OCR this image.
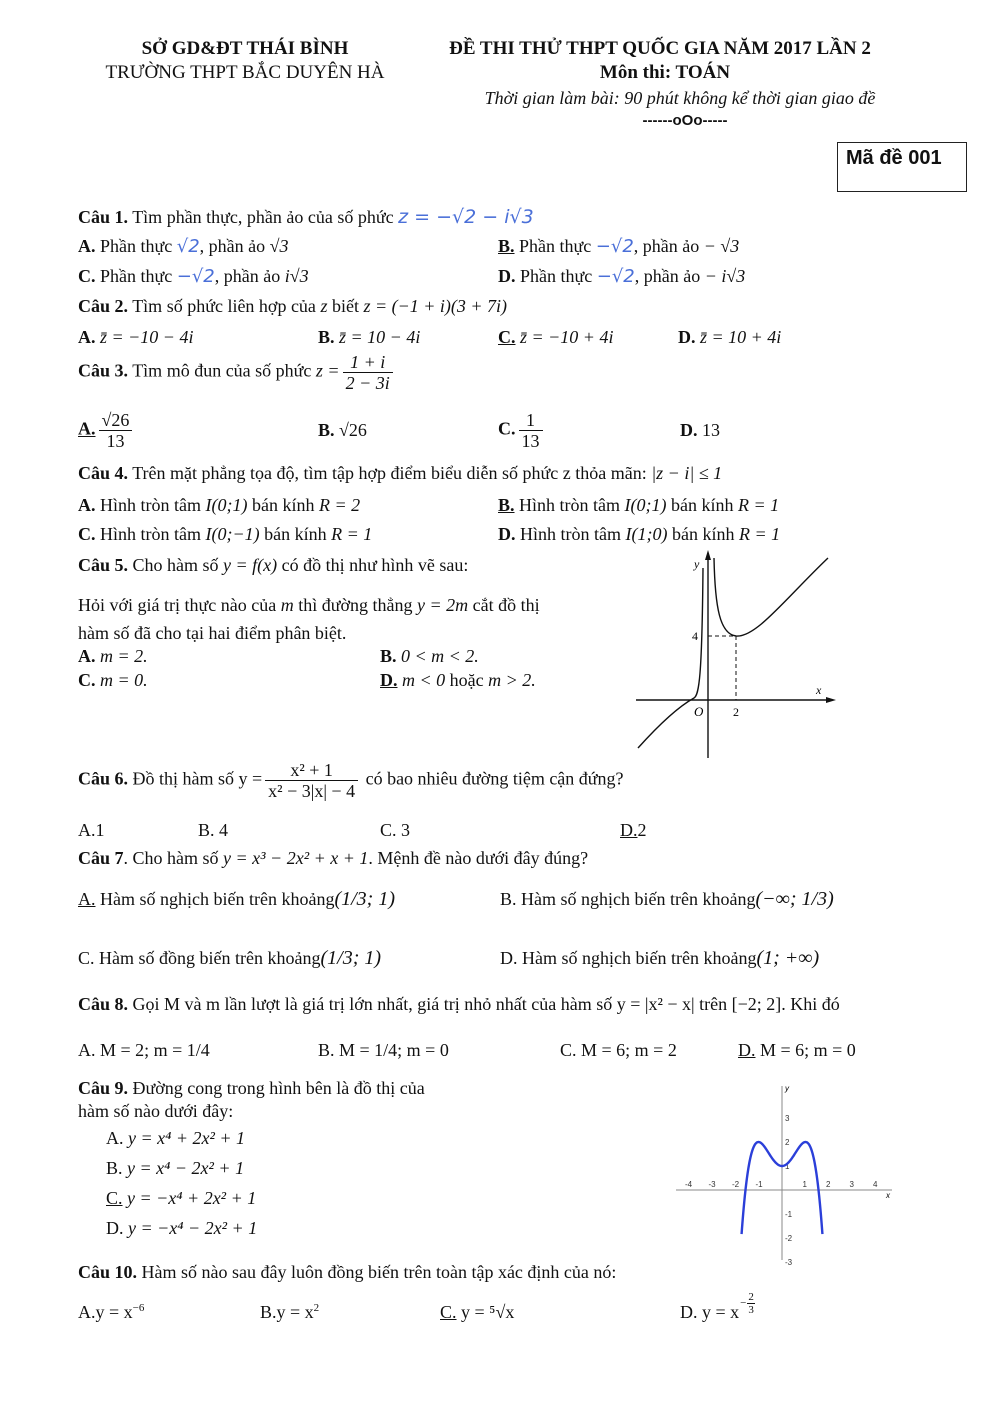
SỞ GD&ĐT THÁI BÌNH
TRƯỜNG THPT BẮC DUYÊN HÀ
ĐỀ THI THỬ THPT QUỐC GIA NĂM 2017 LẦN 2
Môn thi: TOÁN
Thời gian làm bài: 90 phút không kể thời gian giao đề
------oOo-----
Mã đề 001
Câu 1. Tìm phần thực, phần ảo của số phức z = −√2 − i√3
A. Phần thực √2, phần ảo √3	B. Phần thực −√2, phần ảo − √3
C. Phần thực −√2, phần ảo i√3	D. Phần thực −√2, phần ảo − i√3
Câu 2. Tìm số phức liên hợp của z biết z = (−1 + i)(3 + 7i)
A. z̄ = −10 − 4i	B. z̄ = 10 − 4i	C. z̄ = −10 + 4i	D. z̄ = 10 + 4i
Câu 3. Tìm mô đun của số phức $z = \frac{1 + i}{2 - 3i}$
A. $\frac{√26}{13}$	B. √26	C. $\frac{1}{13}$	D. 13
Câu 4. Trên mặt phẳng tọa độ, tìm tập hợp điểm biểu diễn số phức z thỏa mãn: |z − i| ≤ 1
A. Hình tròn tâm I(0;1) bán kính R = 2	B. Hình tròn tâm I(0;1) bán kính R = 1
C. Hình tròn tâm I(0;−1) bán kính R = 1	D. Hình tròn tâm I(1;0) bán kính R = 1
Câu 5. Cho hàm số y = f(x) có đồ thị như hình vẽ sau:
Hỏi với giá trị thực nào của m thì đường thẳng y = 2m cắt đồ thị
hàm số đã cho tại hai điểm phân biệt.
A. m = 2.	B. 0 < m < 2.
C. m = 0.	D. m < 0 hoặc m > 2.
y
x
O
4
2
Câu 6. Đồ thị hàm số $y = \frac{\text{x² + 1}}{\text{x² − 3|x| − 4}}$ có bao nhiêu đường tiệm cận đứng?
A.1	B. 4	C. 3	D.2
Câu 7. Cho hàm số y = x³ − 2x² + x + 1. Mệnh đề nào dưới đây đúng?
A. Hàm số nghịch biến trên khoảng(1/3; 1)	B. Hàm số nghịch biến trên khoảng(−∞; 1/3)
C. Hàm số đồng biến trên khoảng(1/3; 1)	D. Hàm số nghịch biến trên khoảng(1; +∞)
Câu 8. Gọi M và m lần lượt là giá trị lớn nhất, giá trị nhỏ nhất của hàm số y = |x² − x| trên [−2; 2]. Khi đó
A. M = 2; m = 1/4	B. M = 1/4; m = 0	C. M = 6; m = 2	D. M = 6; m = 0
Câu 9. Đường cong trong hình bên là đồ thị của
hàm số nào dưới đây:
A. y = x⁴ + 2x² + 1
B. y = x⁴ − 2x² + 1
C. y = −x⁴ + 2x² + 1
D. y = −x⁴ − 2x² + 1
-4 -3 -2 -1	1 2 3 4
3
2
1
-1
-2
-3
x
y
Câu 10. Hàm số nào sau đây luôn đồng biến trên toàn tập xác định của nó:
$A.y = x^{-6}$	$B.y = x^2$	C. y = ⁵√x	D. $y = x- \frac{2}{3}$
